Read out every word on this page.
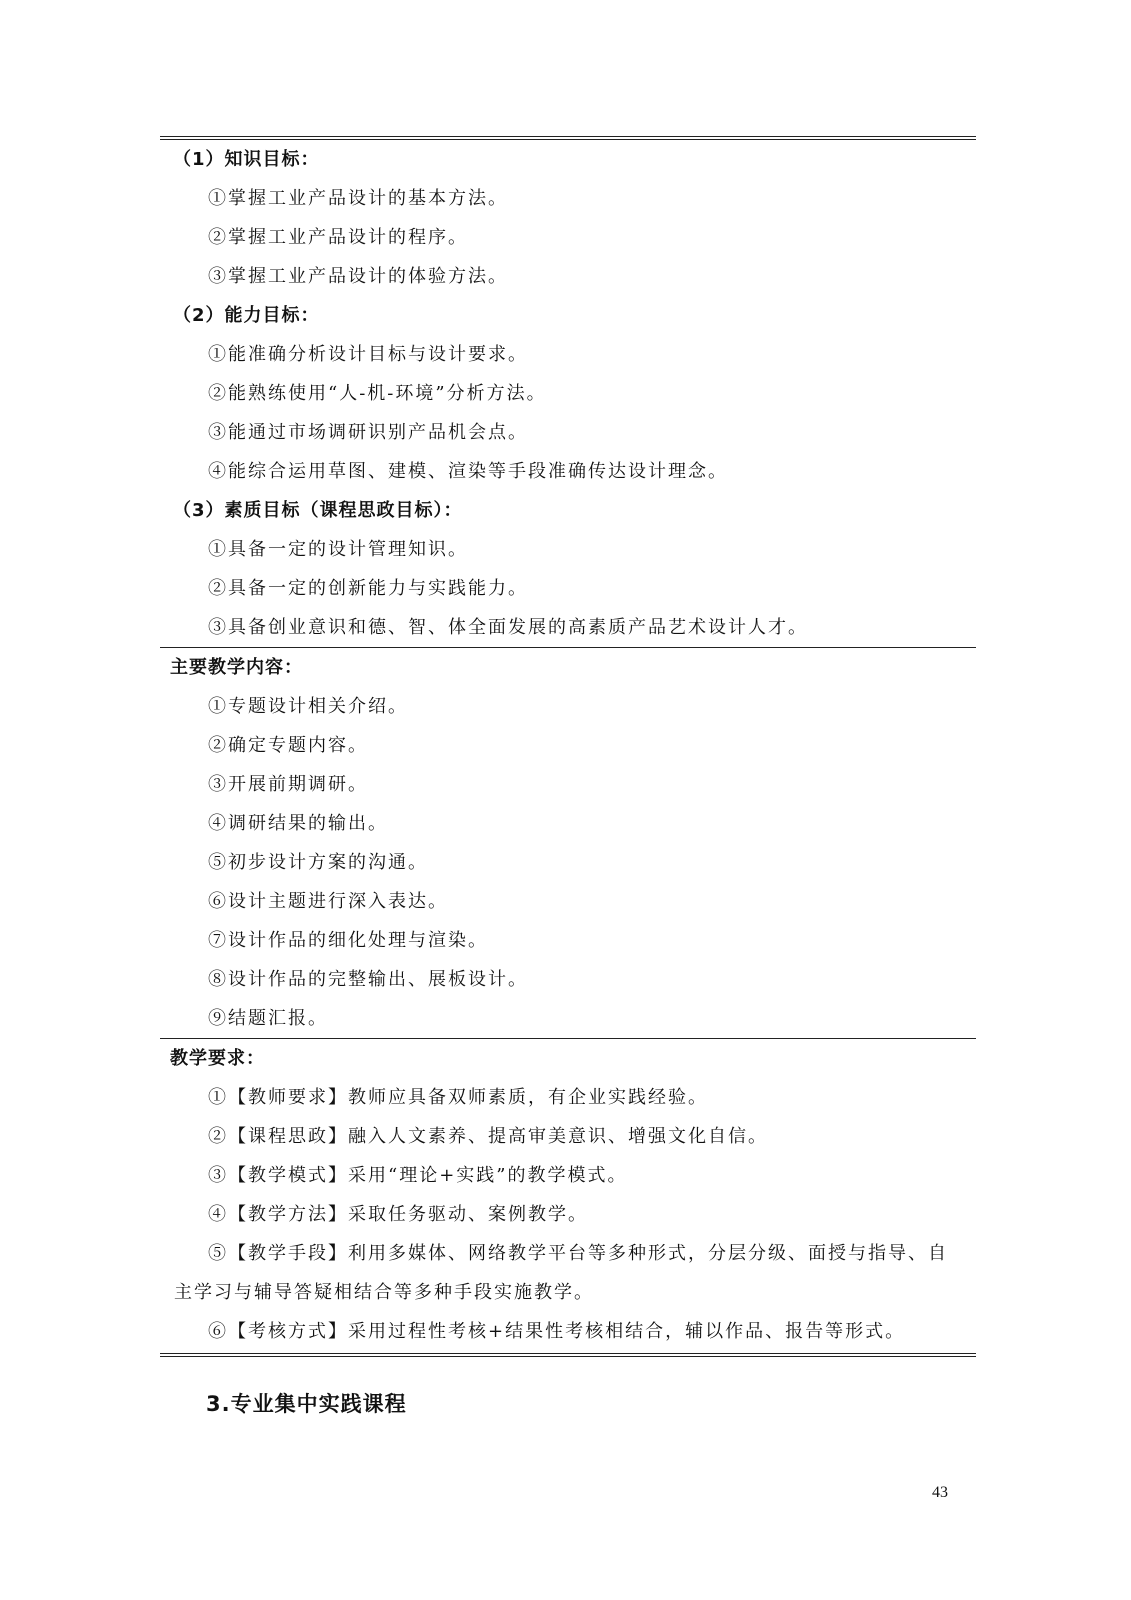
（1）知识目标：
①掌握工业产品设计的基本方法。
②掌握工业产品设计的程序。
③掌握工业产品设计的体验方法。
（2）能力目标：
①能准确分析设计目标与设计要求。
②能熟练使用“人-机-环境”分析方法。
③能通过市场调研识别产品机会点。
④能综合运用草图、建模、渲染等手段准确传达设计理念。
（3）素质目标（课程思政目标）：
①具备一定的设计管理知识。
②具备一定的创新能力与实践能力。
③具备创业意识和德、智、体全面发展的高素质产品艺术设计人才。
主要教学内容：
①专题设计相关介绍。
②确定专题内容。
③开展前期调研。
④调研结果的输出。
⑤初步设计方案的沟通。
⑥设计主题进行深入表达。
⑦设计作品的细化处理与渲染。
⑧设计作品的完整输出、展板设计。
⑨结题汇报。
教学要求：
①【教师要求】教师应具备双师素质，有企业实践经验。
②【课程思政】融入人文素养、提高审美意识、增强文化自信。
③【教学模式】采用“理论+实践”的教学模式。
④【教学方法】采取任务驱动、案例教学。
⑤【教学手段】利用多媒体、网络教学平台等多种形式，分层分级、面授与指导、自主学习与辅导答疑相结合等多种手段实施教学。
⑥【考核方式】采用过程性考核+结果性考核相结合，辅以作品、报告等形式。
3.专业集中实践课程
43
